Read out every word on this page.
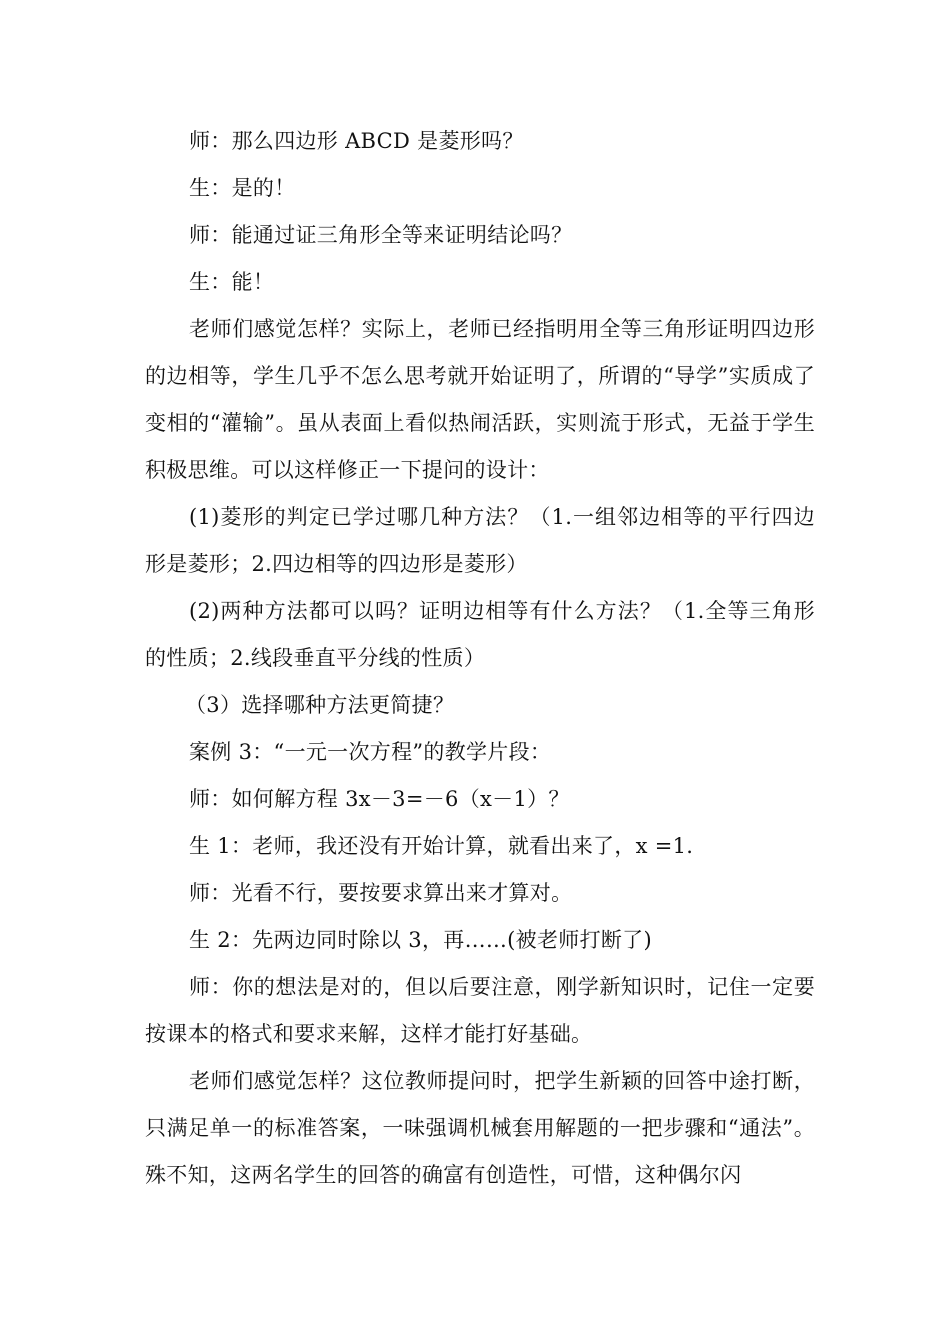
师：那么四边形 ABCD 是菱形吗？

生：是的！

师：能通过证三角形全等来证明结论吗？

生：能！

老师们感觉怎样？实际上，老师已经指明用全等三角形证明四边形的边相等，学生几乎不怎么思考就开始证明了，所谓的“导学”实质成了变相的“灌输”。虽从表面上看似热闹活跃，实则流于形式，无益于学生积极思维。可以这样修正一下提问的设计：

(1)菱形的判定已学过哪几种方法？（1.一组邻边相等的平行四边形是菱形；2.四边相等的四边形是菱形）

(2)两种方法都可以吗？证明边相等有什么方法？（1.全等三角形的性质；2.线段垂直平分线的性质）

（3）选择哪种方法更简捷？

案例 3：“一元一次方程”的教学片段：

师：如何解方程 3x－3=－6（x－1）？

生 1：老师，我还没有开始计算，就看出来了，x =1.

师：光看不行，要按要求算出来才算对。

生 2：先两边同时除以 3，再……(被老师打断了)

师：你的想法是对的，但以后要注意，刚学新知识时，记住一定要按课本的格式和要求来解，这样才能打好基础。

老师们感觉怎样？这位教师提问时，把学生新颖的回答中途打断，只满足单一的标准答案，一味强调机械套用解题的一把步骤和“通法”。殊不知，这两名学生的回答的确富有创造性，可惜，这种偶尔闪
